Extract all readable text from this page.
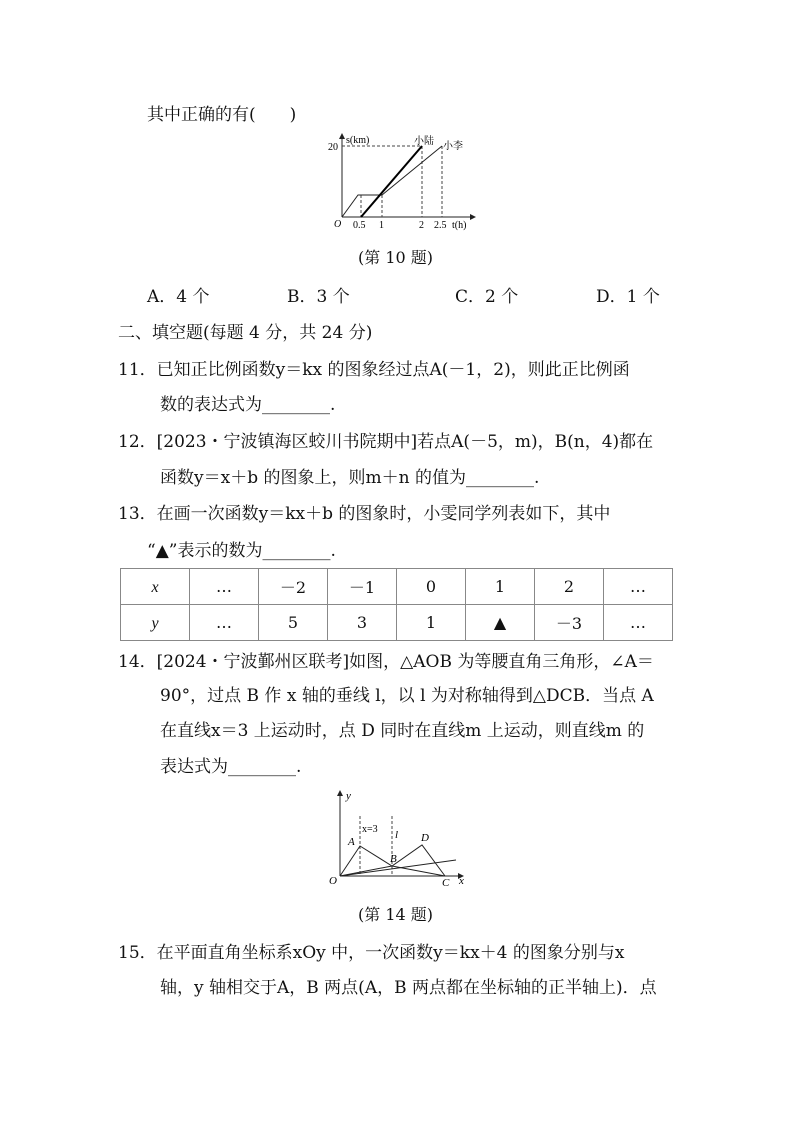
其中正确的有(　　)
s(km)
20
O 0.5 1	2 2.5 t(h)
小陆 小李
(第 10 题)
A．4 个	B．3 个	C．2 个	D．1 个
二、填空题(每题 4 分，共 24 分)
11．已知正比例函数y＝kx 的图象经过点A(－1，2)，则此正比例函
数的表达式为________.
12．[2023・宁波镇海区蛟川书院期中]若点A(－5，m)，B(n，4)都在
函数y＝x＋b 的图象上，则m＋n 的值为________.
13．在画一次函数y＝kx＋b 的图象时，小雯同学列表如下，其中
“▲”表示的数为________.
x	…	－2	－1	0	1	2	…
y	…	5	3	1	▲	－3	…
14．[2024・宁波鄞州区联考]如图，△AOB 为等腰直角三角形，∠A＝
90°，过点 B 作 x 轴的垂线 l，以 l 为对称轴得到△DCB．当点 A
在直线x＝3 上运动时，点 D 同时在直线m 上运动，则直线m 的
表达式为________.
y
x
O
A
B
C
D
l
x=3
(第 14 题)
15．在平面直角坐标系xOy 中，一次函数y＝kx＋4 的图象分别与x
轴，y 轴相交于A，B 两点(A，B 两点都在坐标轴的正半轴上)．点
